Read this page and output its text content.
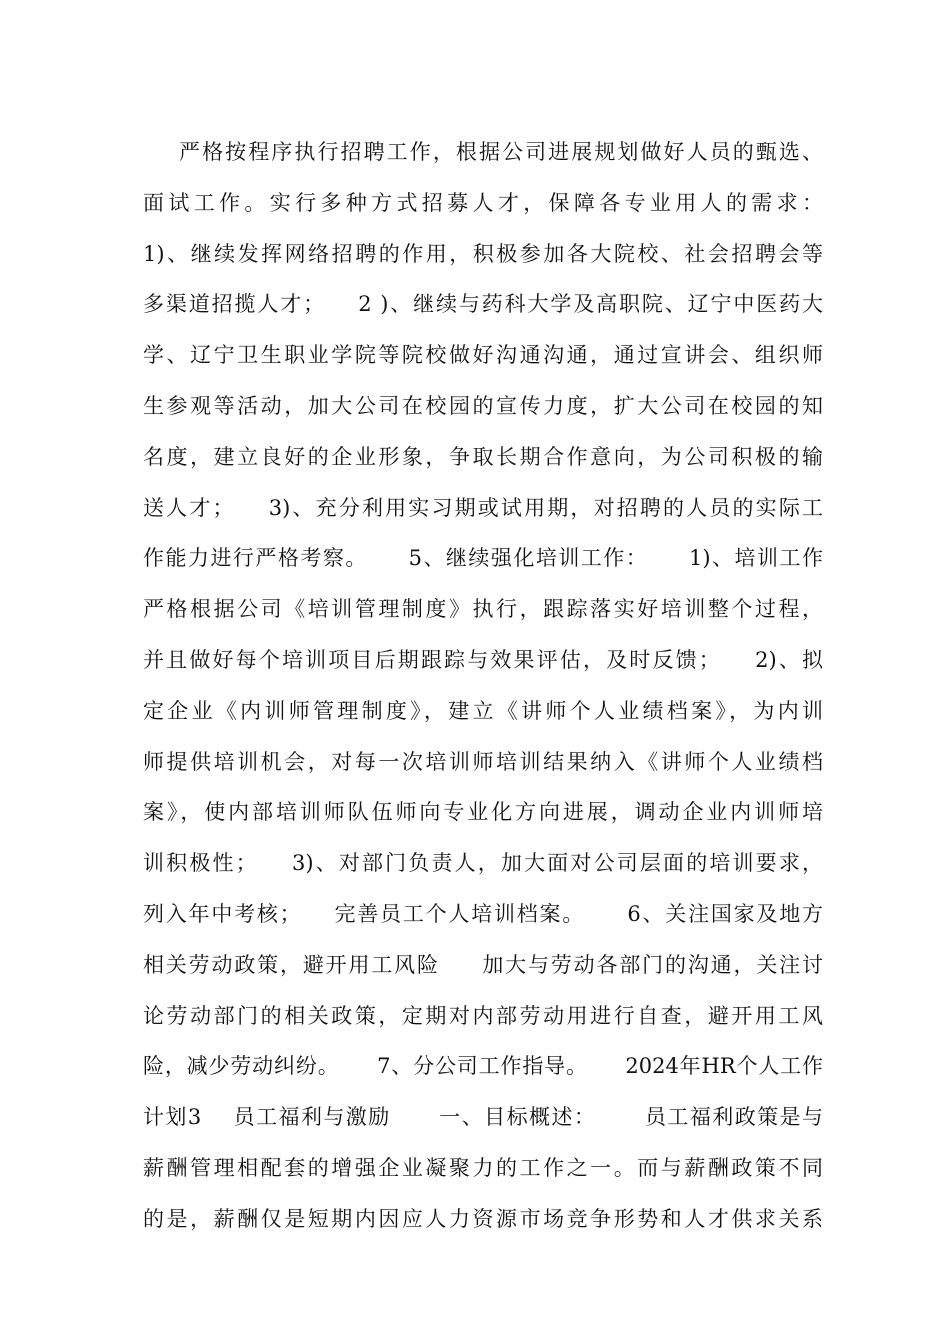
严格按程序执行招聘工作，根据公司进展规划做好人员的甄选、
面试工作。实行多种方式招募人才，保障各专业用人的需求：
1)、继续发挥网络招聘的作用，积极参加各大院校、社会招聘会等
多渠道招揽人才；    2 )、继续与药科大学及高职院、辽宁中医药大
学、辽宁卫生职业学院等院校做好沟通沟通，通过宣讲会、组织师
生参观等活动，加大公司在校园的宣传力度，扩大公司在校园的知
名度，建立良好的企业形象，争取长期合作意向，为公司积极的输
送人才；    3)、充分利用实习期或试用期，对招聘的人员的实际工
作能力进行严格考察。     5、继续强化培训工作：     1)、培训工作
严格根据公司《培训管理制度》执行，跟踪落实好培训整个过程，
并且做好每个培训项目后期跟踪与效果评估，及时反馈；    2)、拟
定企业《内训师管理制度》，建立《讲师个人业绩档案》，为内训
师提供培训机会，对每一次培训师培训结果纳入《讲师个人业绩档
案》，使内部培训师队伍师向专业化方向进展，调动企业内训师培
训积极性；    3)、对部门负责人，加大面对公司层面的培训要求，
列入年中考核；    完善员工个人培训档案。     6、关注国家及地方
相关劳动政策，避开用工风险     加大与劳动各部门的沟通，关注讨
论劳动部门的相关政策，定期对内部劳动用进行自查，避开用工风
险，减少劳动纠纷。     7、分公司工作指导。     2024年HR个人工作
计划3    员工福利与激励      一、目标概述：      员工福利政策是与
薪酬管理相配套的增强企业凝聚力的工作之一。而与薪酬政策不同
的是，薪酬仅是短期内因应人力资源市场竞争形势和人才供求关系
